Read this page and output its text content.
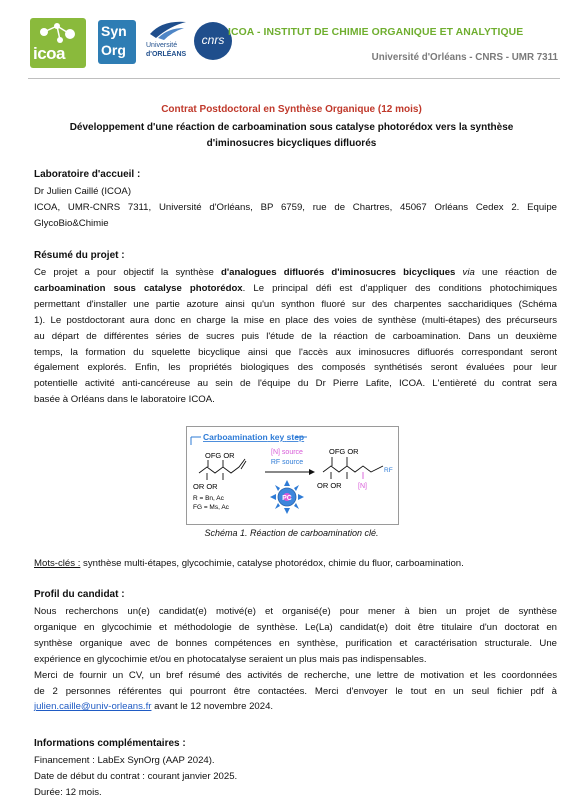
icoa
Syn
Org	Université
d'ORLÉANS
cnrs
ICOA - INSTITUT DE CHIMIE ORGANIQUE ET ANALYTIQUE
Université d'Orléans - CNRS - UMR 7311
Contrat Postdoctoral en Synthèse Organique (12 mois)
Développement d'une réaction de carboamination sous catalyse photorédox vers la synthèse d'iminosucres bicycliques difluorés
Laboratoire d'accueil :
Dr Julien Caillé (ICOA)
ICOA, UMR-CNRS 7311, Université d'Orléans, BP 6759, rue de Chartres, 45067 Orléans Cedex 2. Equipe
GlycoBio&Chimie
Résumé du projet :
Ce projet a pour objectif la synthèse d'analogues difluorés d'iminosucres bicycliques via une réaction de
carboamination sous catalyse photorédox. Le principal défi est d'appliquer des conditions photochimiques
permettant d'installer une partie azoture ainsi qu'un synthon fluoré sur des charpentes saccharidiques (Schéma
1). Le postdoctorant aura donc en charge la mise en place des voies de synthèse (multi-étapes) des précurseurs
au départ de différentes séries de sucres puis l'étude de la réaction de carboamination. Dans un deuxième
temps, la formation du squelette bicyclique ainsi que l'accès aux iminosucres difluorés correspondant seront
également explorés. Enfin, les propriétés biologiques des composés synthétisés seront évaluées pour leur
potentielle activité anti-cancéreuse au sein de l'équipe du Dr Pierre Lafite, ICOA. L'entièreté du contrat sera
basée à Orléans dans le laboratoire ICOA.
Carboamination key step
OFG OR
OR OR
R = Bn, Ac
FG = Ms, Ac
[N] source
RF source
PC
OFG OR
OR OR [N]
RF
Schéma 1. Réaction de carboamination clé.
Mots-clés : synthèse multi-étapes, glycochimie, catalyse photorédox, chimie du fluor, carboamination.
Profil du candidat :
Nous recherchons un(e) candidat(e) motivé(e) et organisé(e) pour mener à bien un projet de synthèse
organique en glycochimie et méthodologie de synthèse. Le(La) candidat(e) doit être titulaire d'un doctorat en
synthèse organique avec de bonnes compétences en synthèse, purification et caractérisation structurale. Une
expérience en glycochimie et/ou en photocatalyse seraient un plus mais pas indispensables.
Merci de fournir un CV, un bref résumé des activités de recherche, une lettre de motivation et les coordonnées
de 2 personnes référentes qui pourront être contactées. Merci d'envoyer le tout en un seul fichier pdf à
julien.caille@univ-orleans.fr avant le 12 novembre 2024.
Informations complémentaires :
Financement : LabEx SynOrg (AAP 2024).
Date de début du contrat : courant janvier 2025.
Durée: 12 mois.
